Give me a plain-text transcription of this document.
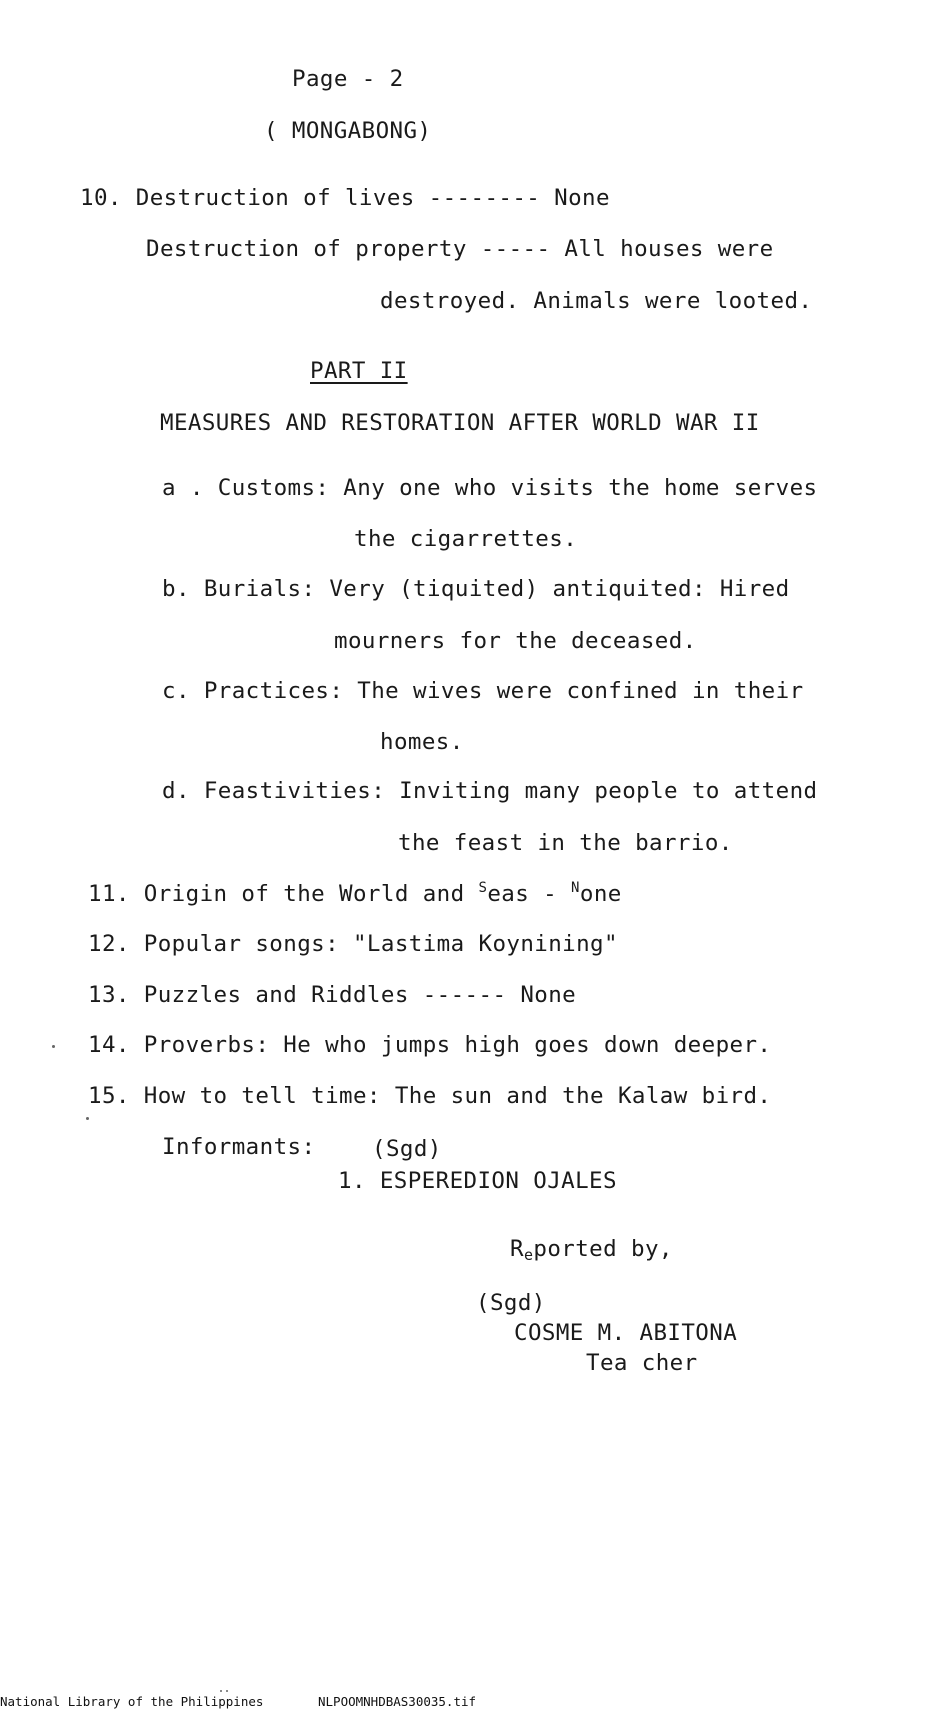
Page - 2
( MONGABONG)
10. Destruction of lives -------- None
Destruction of property ----- All houses were
destroyed. Animals were looted.
PART II
MEASURES AND RESTORATION AFTER WORLD WAR II
a . Customs: Any one who visits the home serves
the cigarrettes.
b. Burials: Very (tiquited) antiquited: Hired
mourners for the deceased.
c. Practices: The wives were confined in their
homes.
d. Feastivities: Inviting many people to attend
the feast in the barrio.
11. Origin of the World and $^S$eas - $^N$one
12. Popular songs: "Lastima Koynining"
13. Puzzles and Riddles ------ None
14. Proverbs: He who jumps high goes down deeper.
15. How to tell time: The sun and the Kalaw bird.
Informants:	(Sgd)
1. ESPEREDION OJALES
Reported by,
(Sgd)
COSME M. ABITONA
Tea cher
National Library of the Philippines	NLPOOMNHDBAS30035.tif
